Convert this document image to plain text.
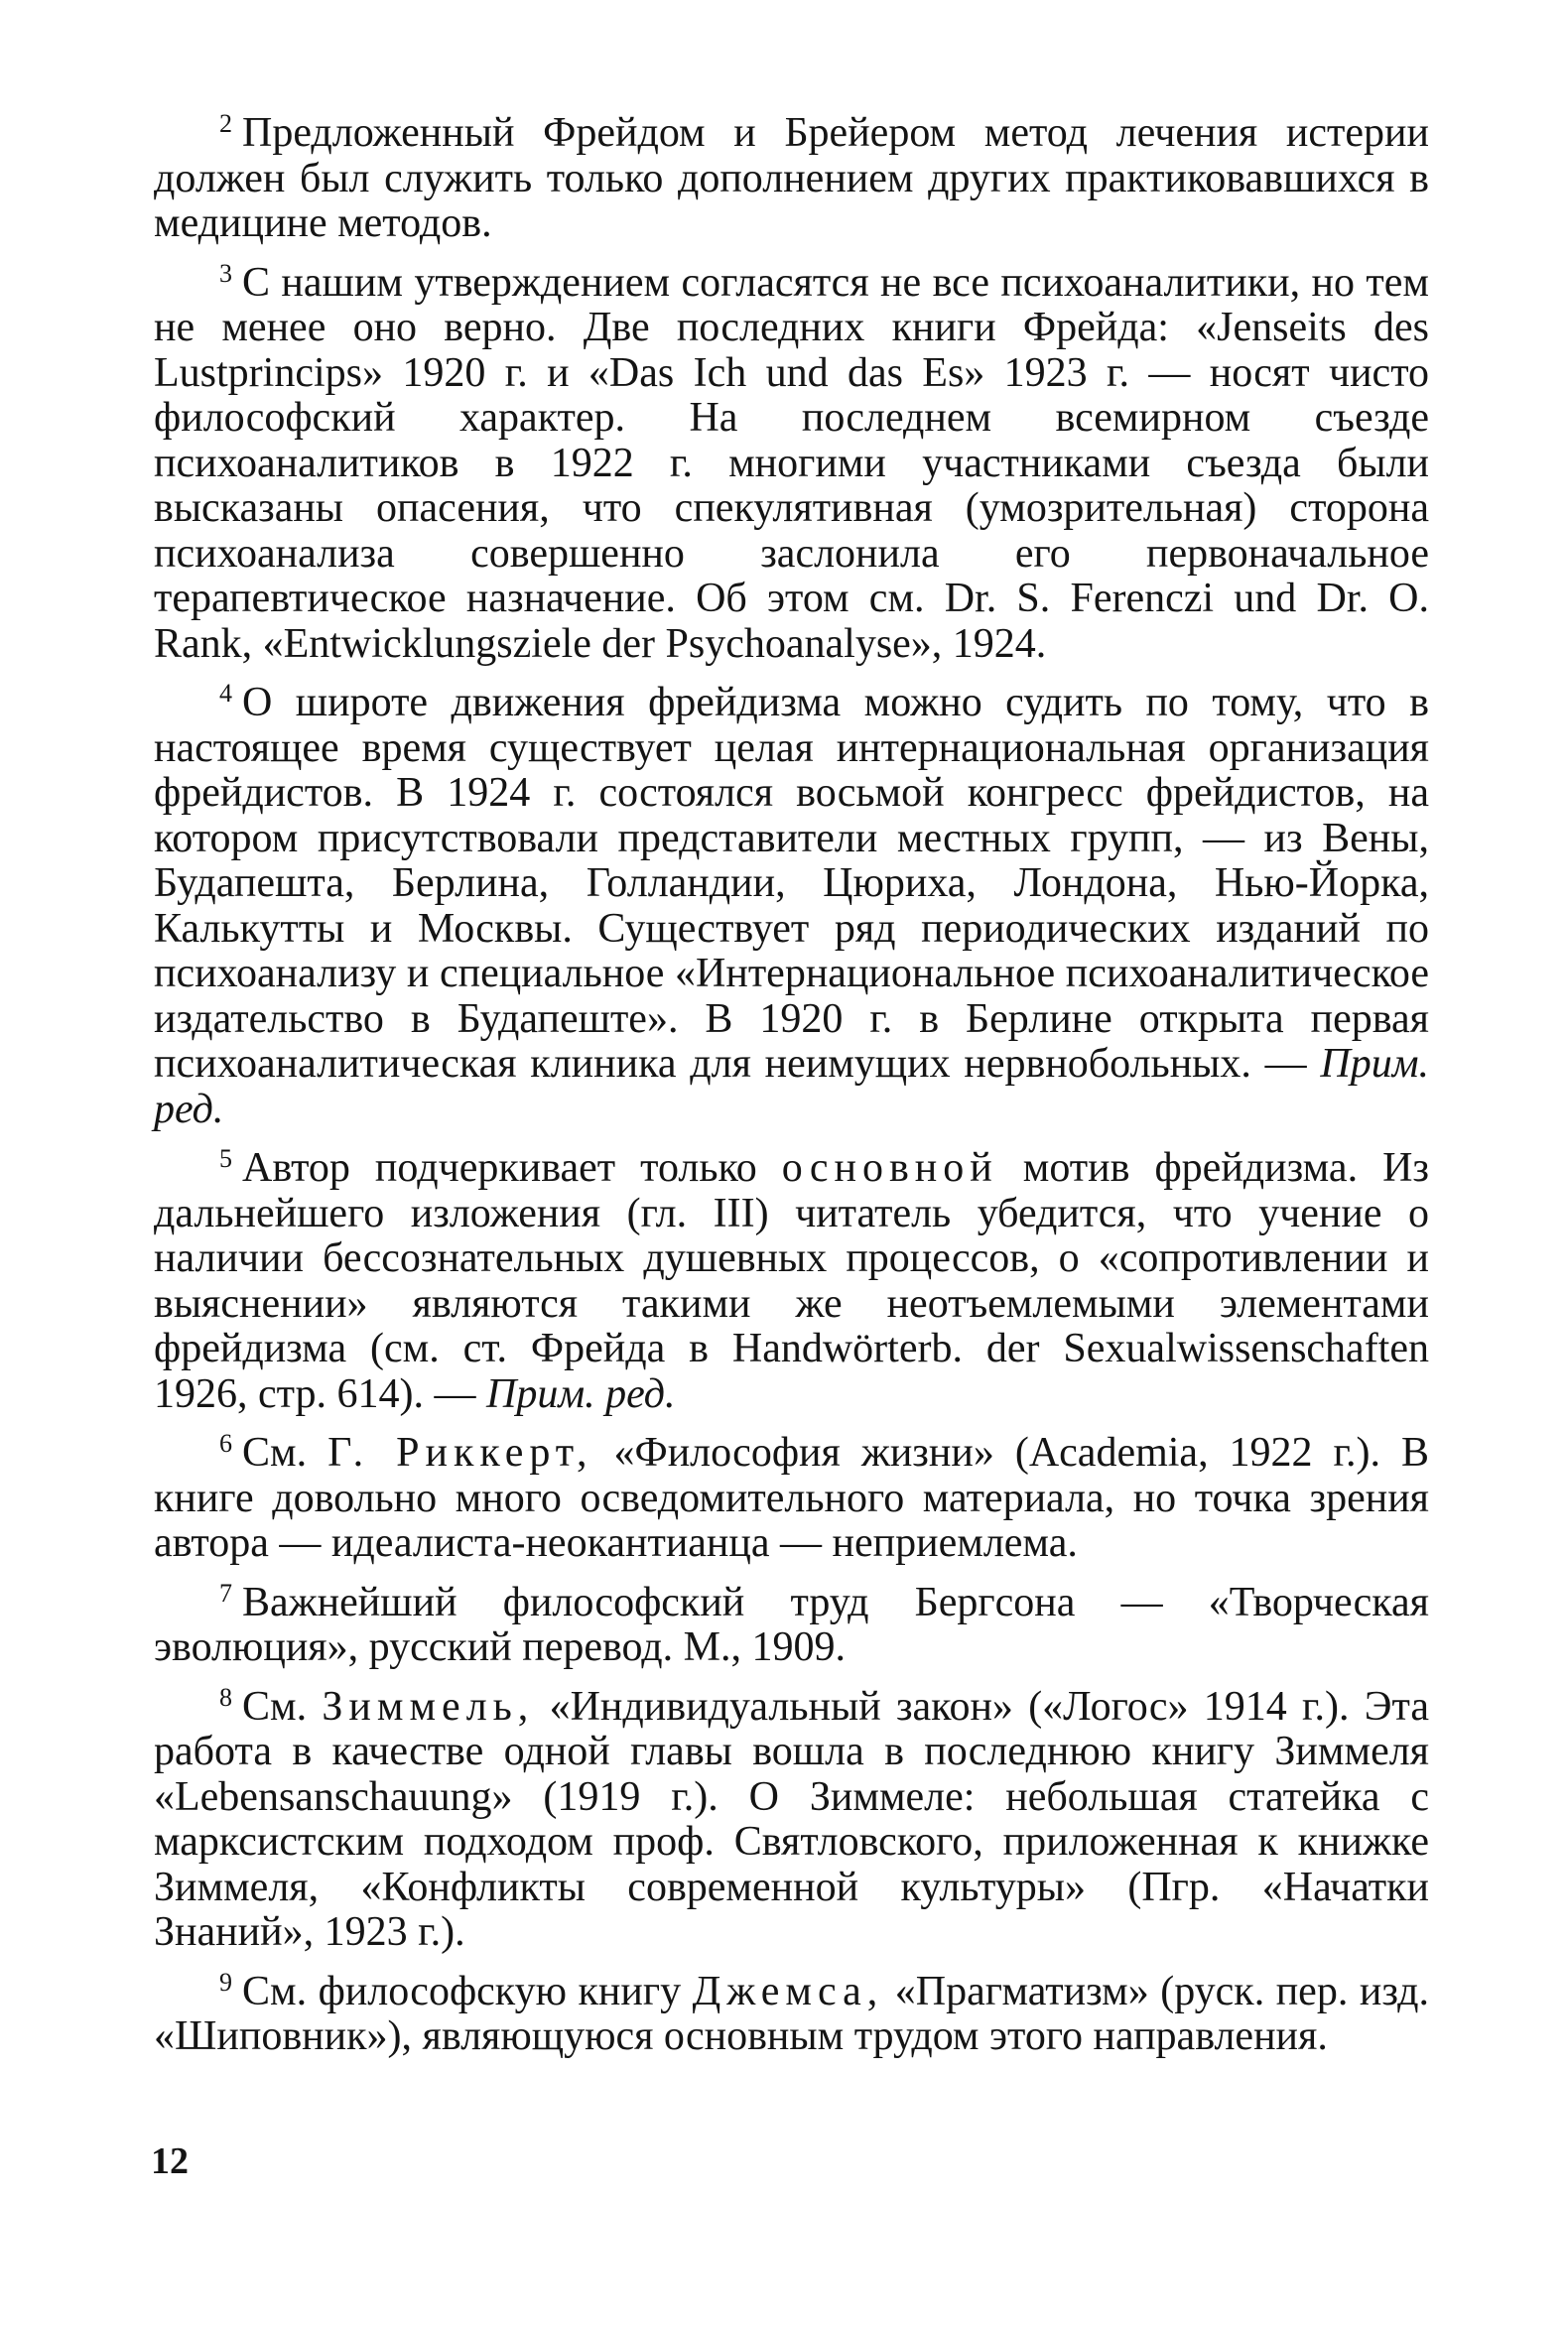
$^2$ Предложенный Фрейдом и Брейером метод лечения истерии должен был служить только дополнением других практиковавшихся в медицине методов.

$^3$ С нашим утверждением согласятся не все психоаналитики, но тем не менее оно верно. Две последних книги Фрейда: «Jenseits des Lustprincips» 1920 г. и «Das Ich und das Es» 1923 г. — носят чисто философский характер. На последнем всемирном съезде психоаналитиков в 1922 г. многими участниками съезда были высказаны опасения, что спекулятивная (умозрительная) сторона психоанализа совершенно заслонила его первоначальное терапевтическое назначение. Об этом см. Dr. S. Ferenczi und Dr. O. Rank, «Entwicklungsziele der Psychoanalyse», 1924.

$^4$ О широте движения фрейдизма можно судить по тому, что в настоящее время существует целая интернациональная организация фрейдистов. В 1924 г. состоялся восьмой конгресс фрейдистов, на котором присутствовали представители местных групп, — из Вены, Будапешта, Берлина, Голландии, Цюриха, Лондона, Нью-Йорка, Калькутты и Москвы. Существует ряд периодических изданий по психоанализу и специальное «Интернациональное психоаналитическое издательство в Будапеште». В 1920 г. в Берлине открыта первая психоаналитическая клиника для неимущих нервнобольных. — Прим. ред.

$^5$ Автор подчеркивает только основной мотив фрейдизма. Из дальнейшего изложения (гл. III) читатель убедится, что учение о наличии бессознательных душевных процессов, о «сопротивлении и выяснении» являются такими же неотъемлемыми элементами фрейдизма (см. ст. Фрейда в Handwörterb. der Sexualwissenschaften 1926, стр. 614). — Прим. ред.

$^6$ См. Г. Риккерт, «Философия жизни» (Academia, 1922 г.). В книге довольно много осведомительного материала, но точка зрения автора — идеалиста-неокантианца — неприемлема.

$^7$ Важнейший философский труд Бергсона — «Творческая эволюция», русский перевод. М., 1909.

$^8$ См. Зиммель, «Индивидуальный закон» («Логос» 1914 г.). Эта работа в качестве одной главы вошла в последнюю книгу Зиммеля «Lebensanschauung» (1919 г.). О Зиммеле: небольшая статейка с марксистским подходом проф. Святловского, приложенная к книжке Зиммеля, «Конфликты современной культуры» (Пгр. «Начатки Знаний», 1923 г.).

$^9$ См. философскую книгу Джемса, «Прагматизм» (руск. пер. изд. «Шиповник»), являющуюся основным трудом этого направления.

12
